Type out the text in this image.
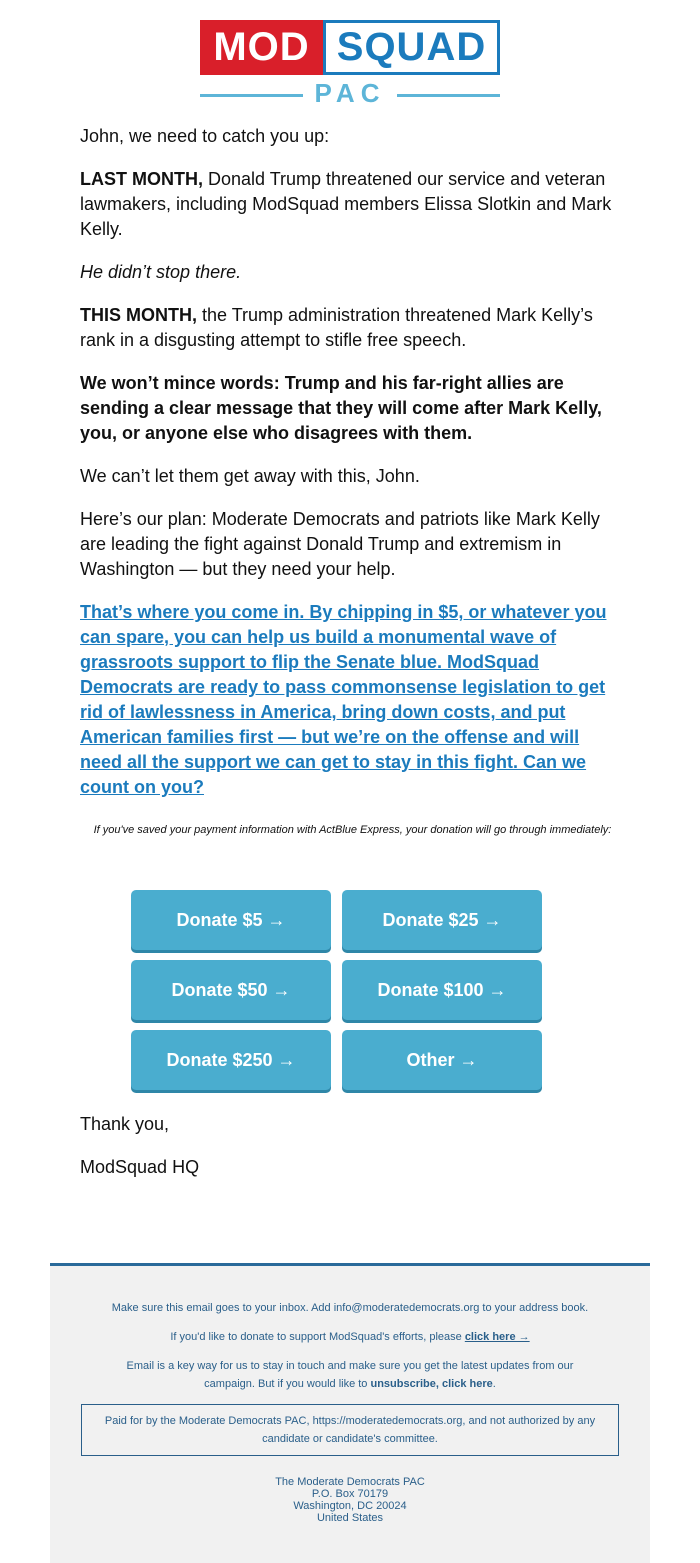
MOD SQUAD
PAC

John, we need to catch you up:

LAST MONTH, Donald Trump threatened our service and veteran lawmakers, including ModSquad members Elissa Slotkin and Mark Kelly.

He didn’t stop there.

THIS MONTH, the Trump administration threatened Mark Kelly’s rank in a disgusting attempt to stifle free speech.

We won’t mince words: Trump and his far-right allies are sending a clear message that they will come after Mark Kelly, you, or anyone else who disagrees with them.

We can’t let them get away with this, John.

Here’s our plan: Moderate Democrats and patriots like Mark Kelly are leading the fight against Donald Trump and extremism in Washington — but they need your help.

That’s where you come in. By chipping in $5, or whatever you can spare, you can help us build a monumental wave of grassroots support to flip the Senate blue. ModSquad Democrats are ready to pass commonsense legislation to get rid of lawlessness in America, bring down costs, and put American families first — but we’re on the offense and will need all the support we can get to stay in this fight. Can we count on you?

If you've saved your payment information with ActBlue Express, your donation will go through immediately:

Donate $5 →	Donate $25 →
Donate $50 →	Donate $100 →
Donate $250 →	Other →

Thank you,

ModSquad HQ

Make sure this email goes to your inbox. Add info@moderatedemocrats.org to your address book.

If you'd like to donate to support ModSquad's efforts, please click here →

Email is a key way for us to stay in touch and make sure you get the latest updates from our campaign. But if you would like to unsubscribe, click here.

Paid for by the Moderate Democrats PAC, https://moderatedemocrats.org, and not authorized by any candidate or candidate's committee.
The Moderate Democrats PAC
P.O. Box 70179
Washington, DC 20024
United States
